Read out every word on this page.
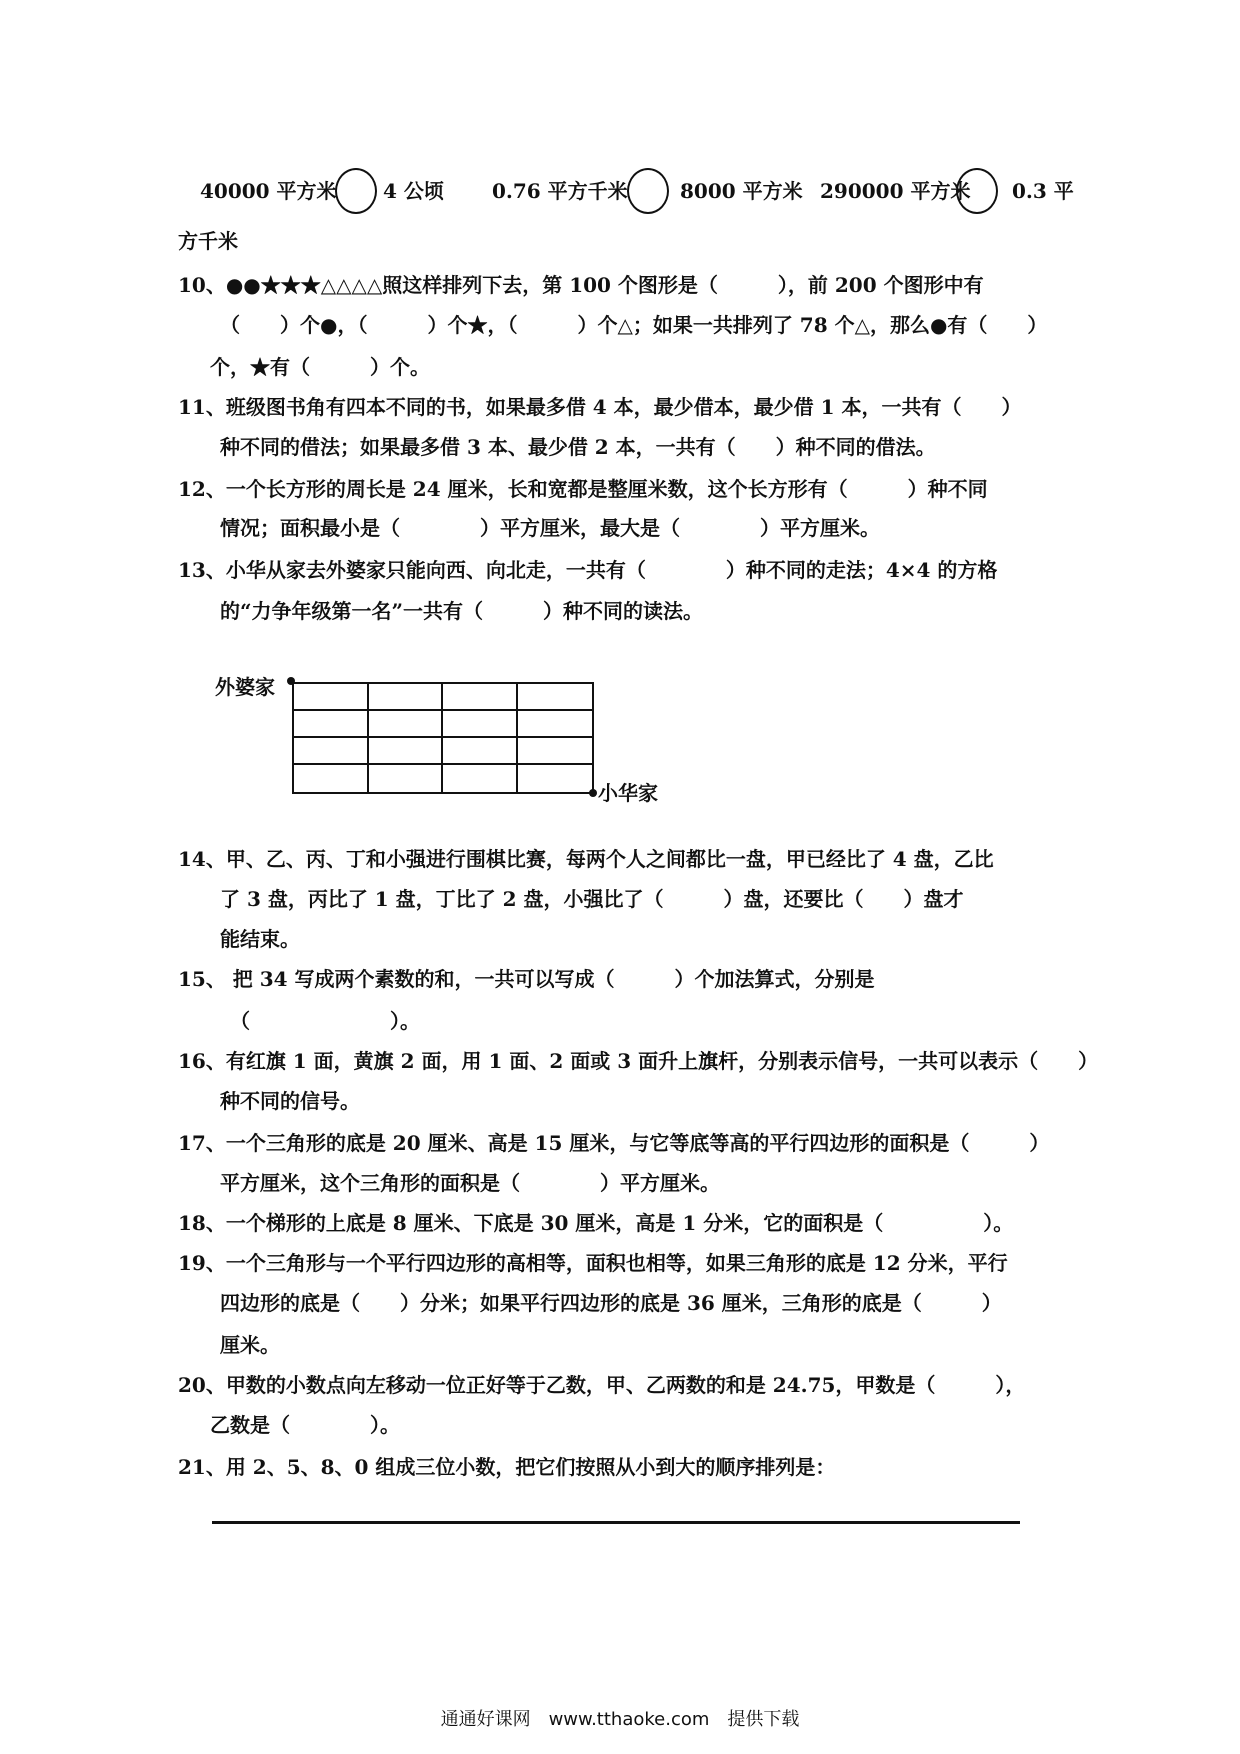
40000 平方米 4 公顷 0.76 平方千米	8000 平方米 290000 平方米 0.3 平
方千米
10、●●★★★△△△△照这样排列下去，第 100 个图形是（　　　），前 200 个图形中有
（　　）个●，（　　　）个★，（　　　）个△；如果一共排列了 78 个△，那么●有（　　）
个，★有（　　　）个。
11、班级图书角有四本不同的书，如果最多借 4 本，最少借本，最少借 1 本，一共有（　　）
种不同的借法；如果最多借 3 本、最少借 2 本，一共有（　　）种不同的借法。
12、一个长方形的周长是 24 厘米，长和宽都是整厘米数，这个长方形有（　　　）种不同
情况；面积最小是（　　　　）平方厘米，最大是（　　　　）平方厘米。
13、小华从家去外婆家只能向西、向北走，一共有（　　　　）种不同的走法；4×4 的方格
的“力争年级第一名”一共有（　　　）种不同的读法。
外婆家
小华家
14、甲、乙、丙、丁和小强进行围棋比赛，每两个人之间都比一盘，甲已经比了 4 盘，乙比
了 3 盘，丙比了 1 盘，丁比了 2 盘，小强比了（　　　）盘，还要比（　　）盘才
能结束。
15、 把 34 写成两个素数的和，一共可以写成（　　　）个加法算式，分别是
（　　　　　　　）。
16、有红旗 1 面，黄旗 2 面，用 1 面、2 面或 3 面升上旗杆，分别表示信号，一共可以表示（　　）
种不同的信号。
17、一个三角形的底是 20 厘米、高是 15 厘米，与它等底等高的平行四边形的面积是（　　　）
平方厘米，这个三角形的面积是（　　　　）平方厘米。
18、一个梯形的上底是 8 厘米、下底是 30 厘米，高是 1 分米，它的面积是（　　　　　）。
19、一个三角形与一个平行四边形的高相等，面积也相等，如果三角形的底是 12 分米，平行
四边形的底是（　　）分米；如果平行四边形的底是 36 厘米，三角形的底是（　　　）
厘米。
20、甲数的小数点向左移动一位正好等于乙数，甲、乙两数的和是 24.75，甲数是（　　　），
乙数是（　　　　）。
21、用 2、5、8、0 组成三位小数，把它们按照从小到大的顺序排列是：
通通好课网　www.tthaoke.com　提供下载
